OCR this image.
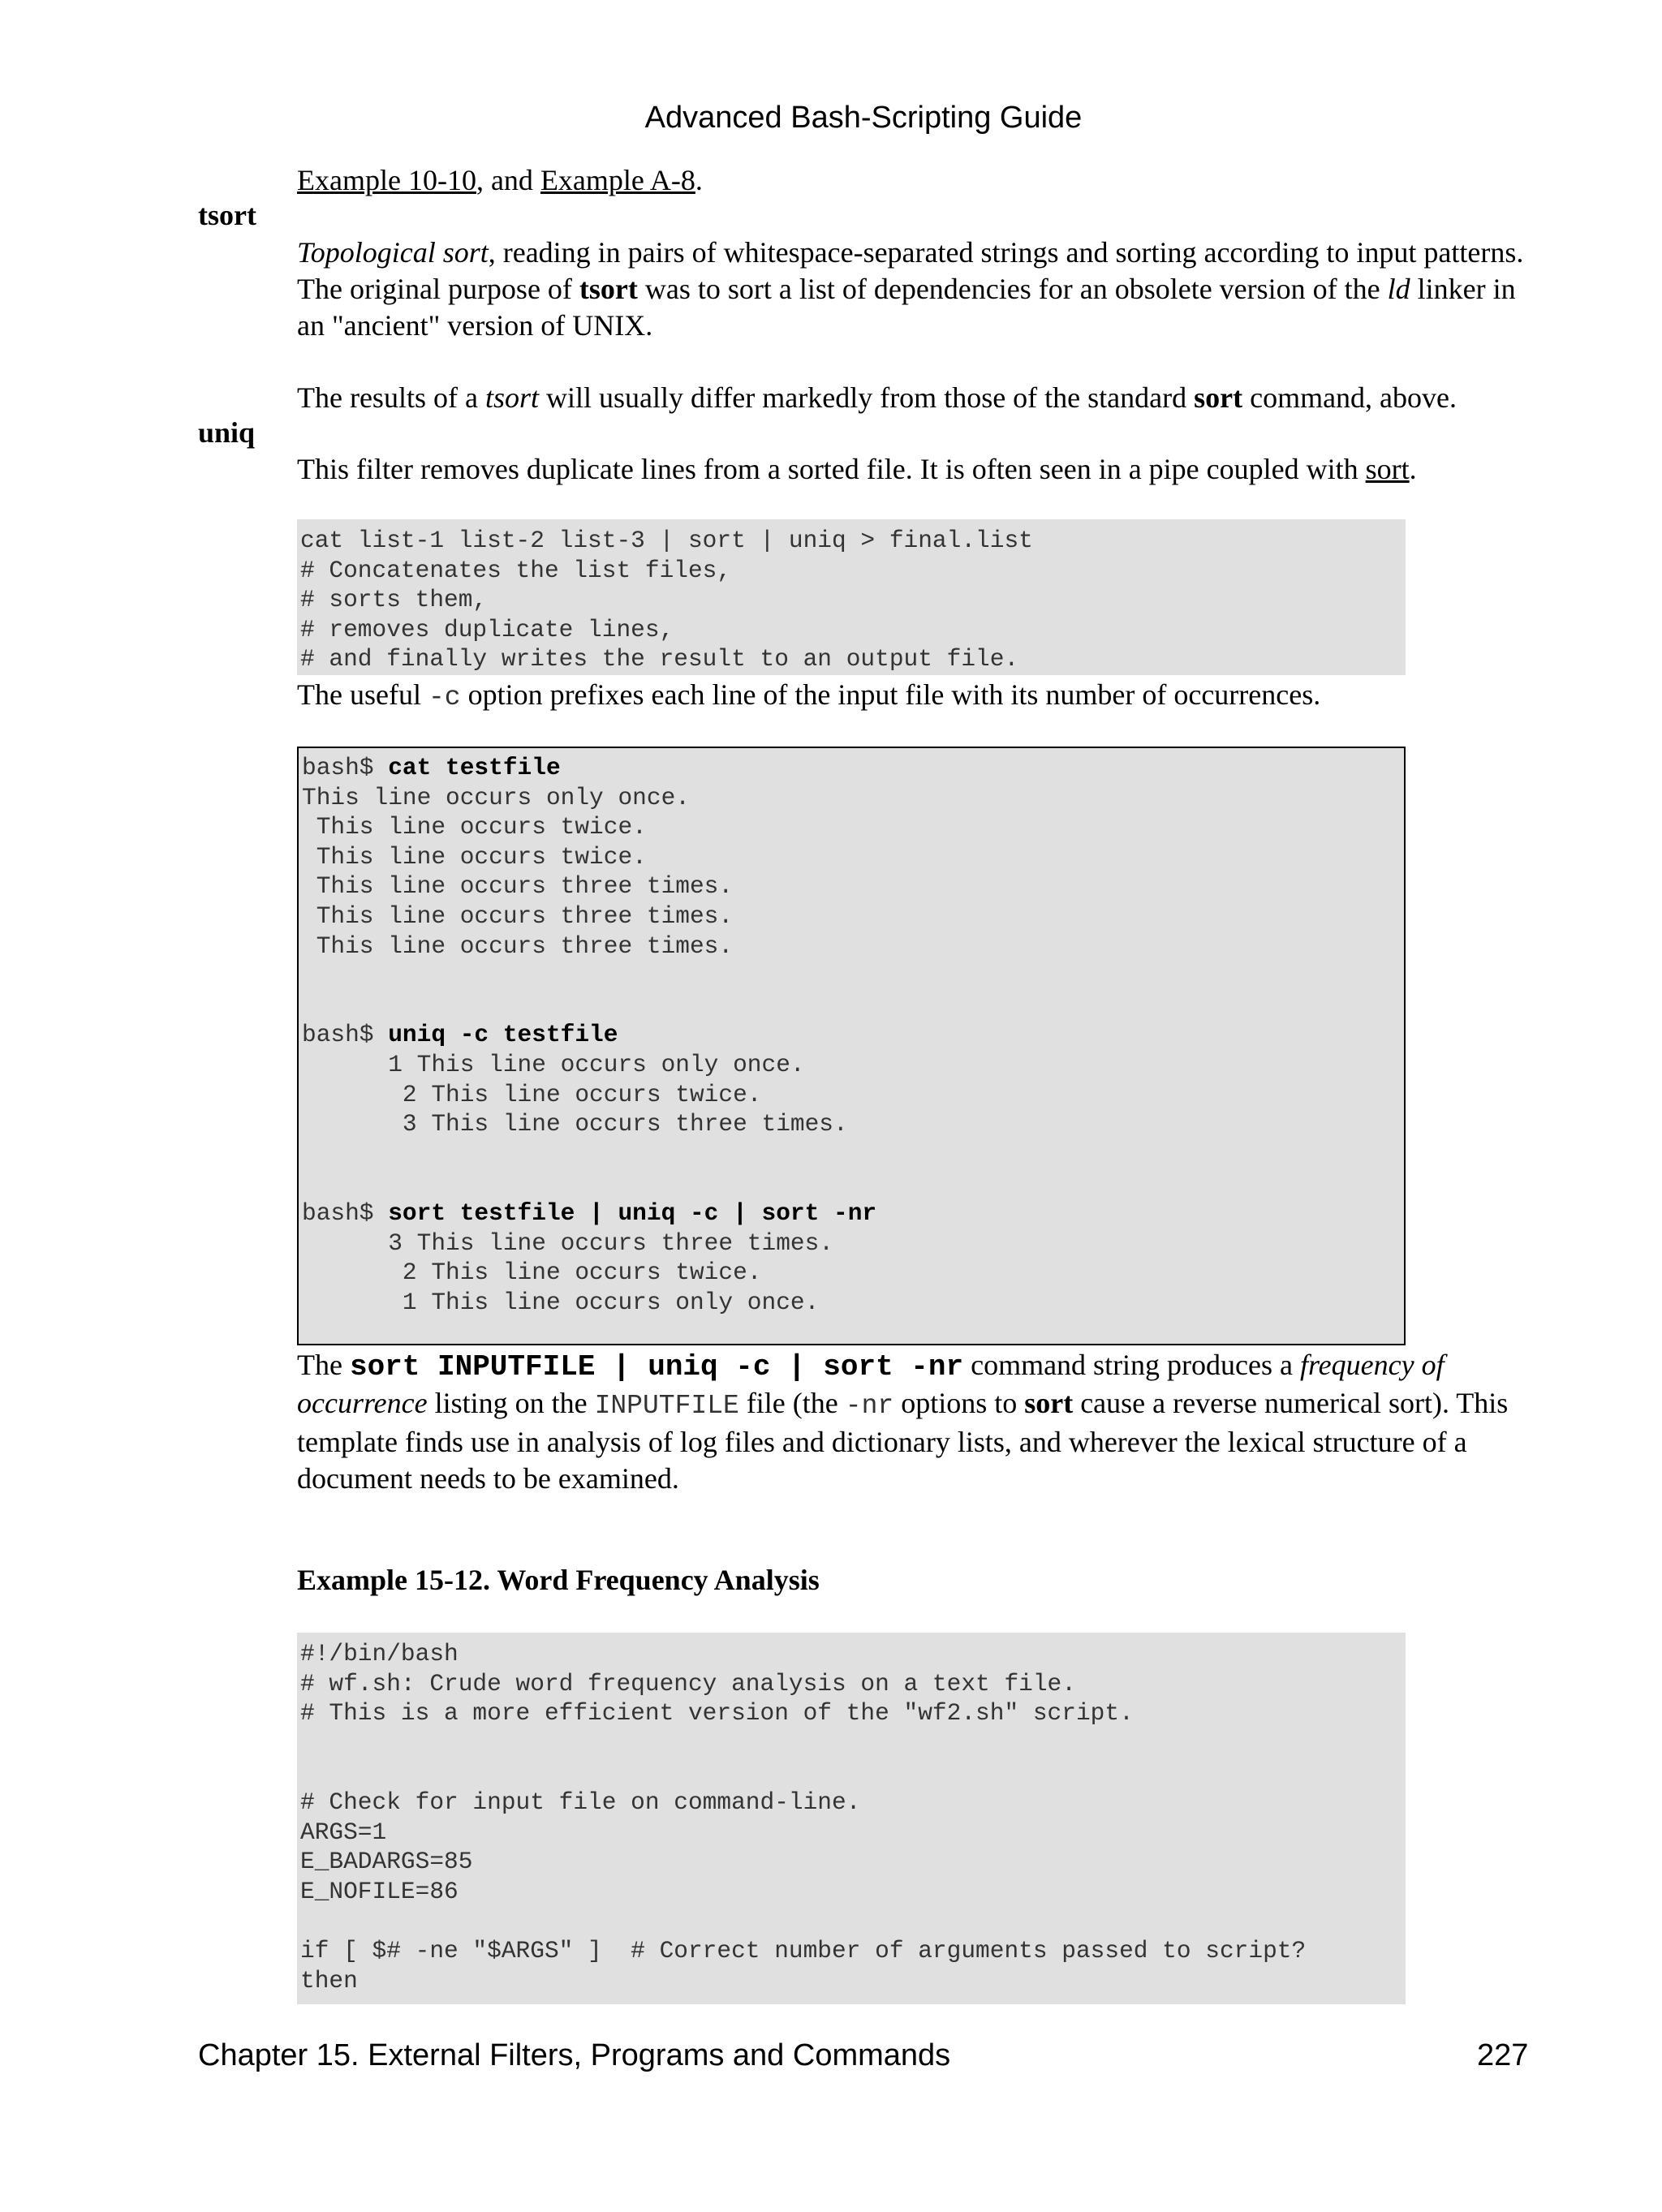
Advanced Bash-Scripting Guide
Example 10-10, and Example A-8.
tsort

Topological sort, reading in pairs of whitespace-separated strings and sorting according to input patterns. The original purpose of tsort was to sort a list of dependencies for an obsolete version of the ld linker in an "ancient" version of UNIX.

The results of a tsort will usually differ markedly from those of the standard sort command, above.

uniq
This filter removes duplicate lines from a sorted file. It is often seen in a pipe coupled with sort.
cat list-1 list-2 list-3 | sort | uniq > final.list
# Concatenates the list files,
# sorts them,
# removes duplicate lines,
# and finally writes the result to an output file.
The useful -c option prefixes each line of the input file with its number of occurrences.
bash$ cat testfile
This line occurs only once.
This line occurs twice.
This line occurs twice.
This line occurs three times.
This line occurs three times.
This line occurs three times.

bash$ uniq -c testfile
1 This line occurs only once.
2 This line occurs twice.
3 This line occurs three times.

bash$ sort testfile | uniq -c | sort -nr
3 This line occurs three times.
2 This line occurs twice.
1 This line occurs only once.
The sort INPUTFILE | uniq -c | sort -nr command string produces a frequency of occurrence listing on the INPUTFILE file (the -nr options to sort cause a reverse numerical sort). This template finds use in analysis of log files and dictionary lists, and wherever the lexical structure of a document needs to be examined.
Example 15-12. Word Frequency Analysis
#!/bin/bash
# wf.sh: Crude word frequency analysis on a text file.
# This is a more efficient version of the "wf2.sh" script.

# Check for input file on command-line.
ARGS=1
E_BADARGS=85
E_NOFILE=86

if [ $# -ne "$ARGS" ]  # Correct number of arguments passed to script?
then
Chapter 15. External Filters, Programs and Commands	227
